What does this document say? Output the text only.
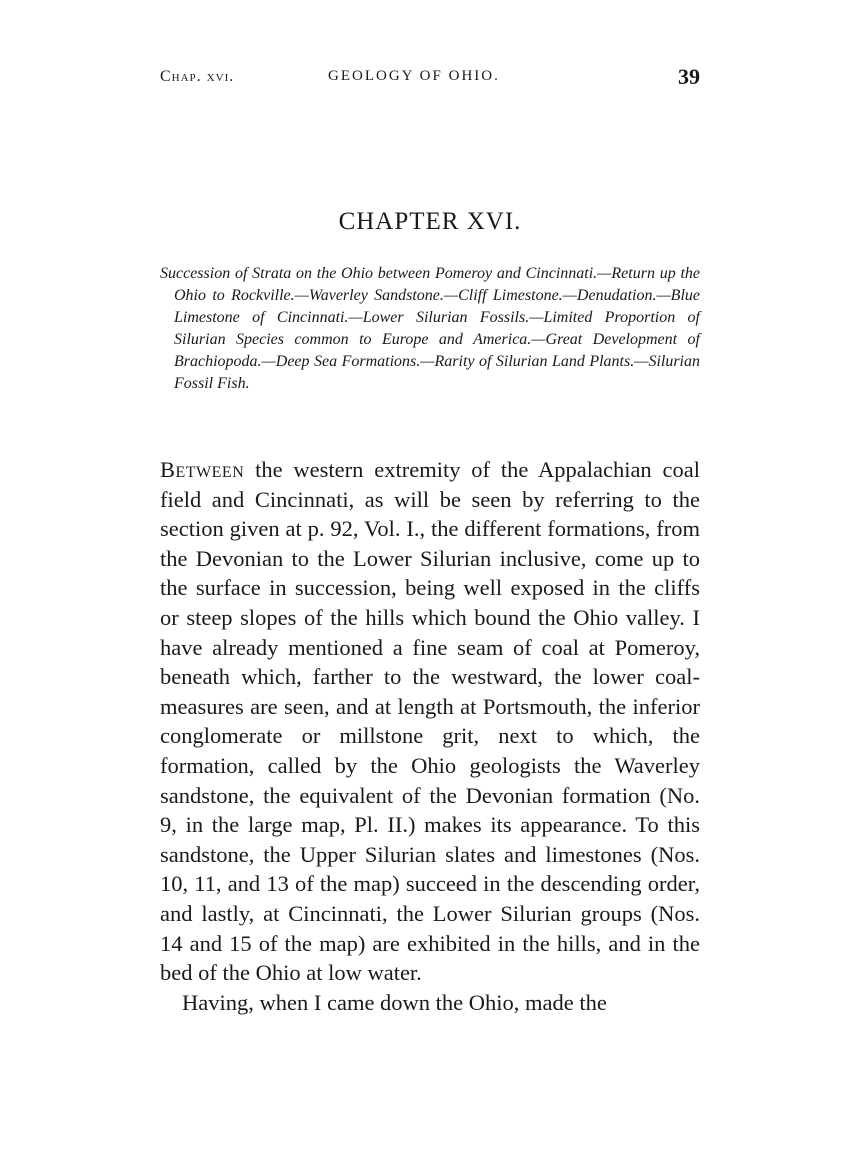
Chap. xvi.	GEOLOGY OF OHIO.	39
CHAPTER XVI.

Succession of Strata on the Ohio between Pomeroy and Cincinnati.—Return up the Ohio to Rockville.—Waverley Sandstone.—Cliff Limestone.—Denudation.—Blue Limestone of Cincinnati.—Lower Silurian Fossils.—Limited Proportion of Silurian Species common to Europe and America.—Great Development of Brachiopoda.—Deep Sea Formations.—Rarity of Silurian Land Plants.—Silurian Fossil Fish.

Between the western extremity of the Appalachian coal field and Cincinnati, as will be seen by referring to the section given at p. 92, Vol. I., the different formations, from the Devonian to the Lower Silurian inclusive, come up to the surface in succession, being well exposed in the cliffs or steep slopes of the hills which bound the Ohio valley. I have already mentioned a fine seam of coal at Pomeroy, beneath which, farther to the westward, the lower coal-measures are seen, and at length at Portsmouth, the inferior conglomerate or millstone grit, next to which, the formation, called by the Ohio geologists the Waverley sandstone, the equivalent of the Devonian formation (No. 9, in the large map, Pl. II.) makes its appearance. To this sandstone, the Upper Silurian slates and limestones (Nos. 10, 11, and 13 of the map) succeed in the descending order, and lastly, at Cincinnati, the Lower Silurian groups (Nos. 14 and 15 of the map) are exhibited in the hills, and in the bed of the Ohio at low water.

Having, when I came down the Ohio, made the
